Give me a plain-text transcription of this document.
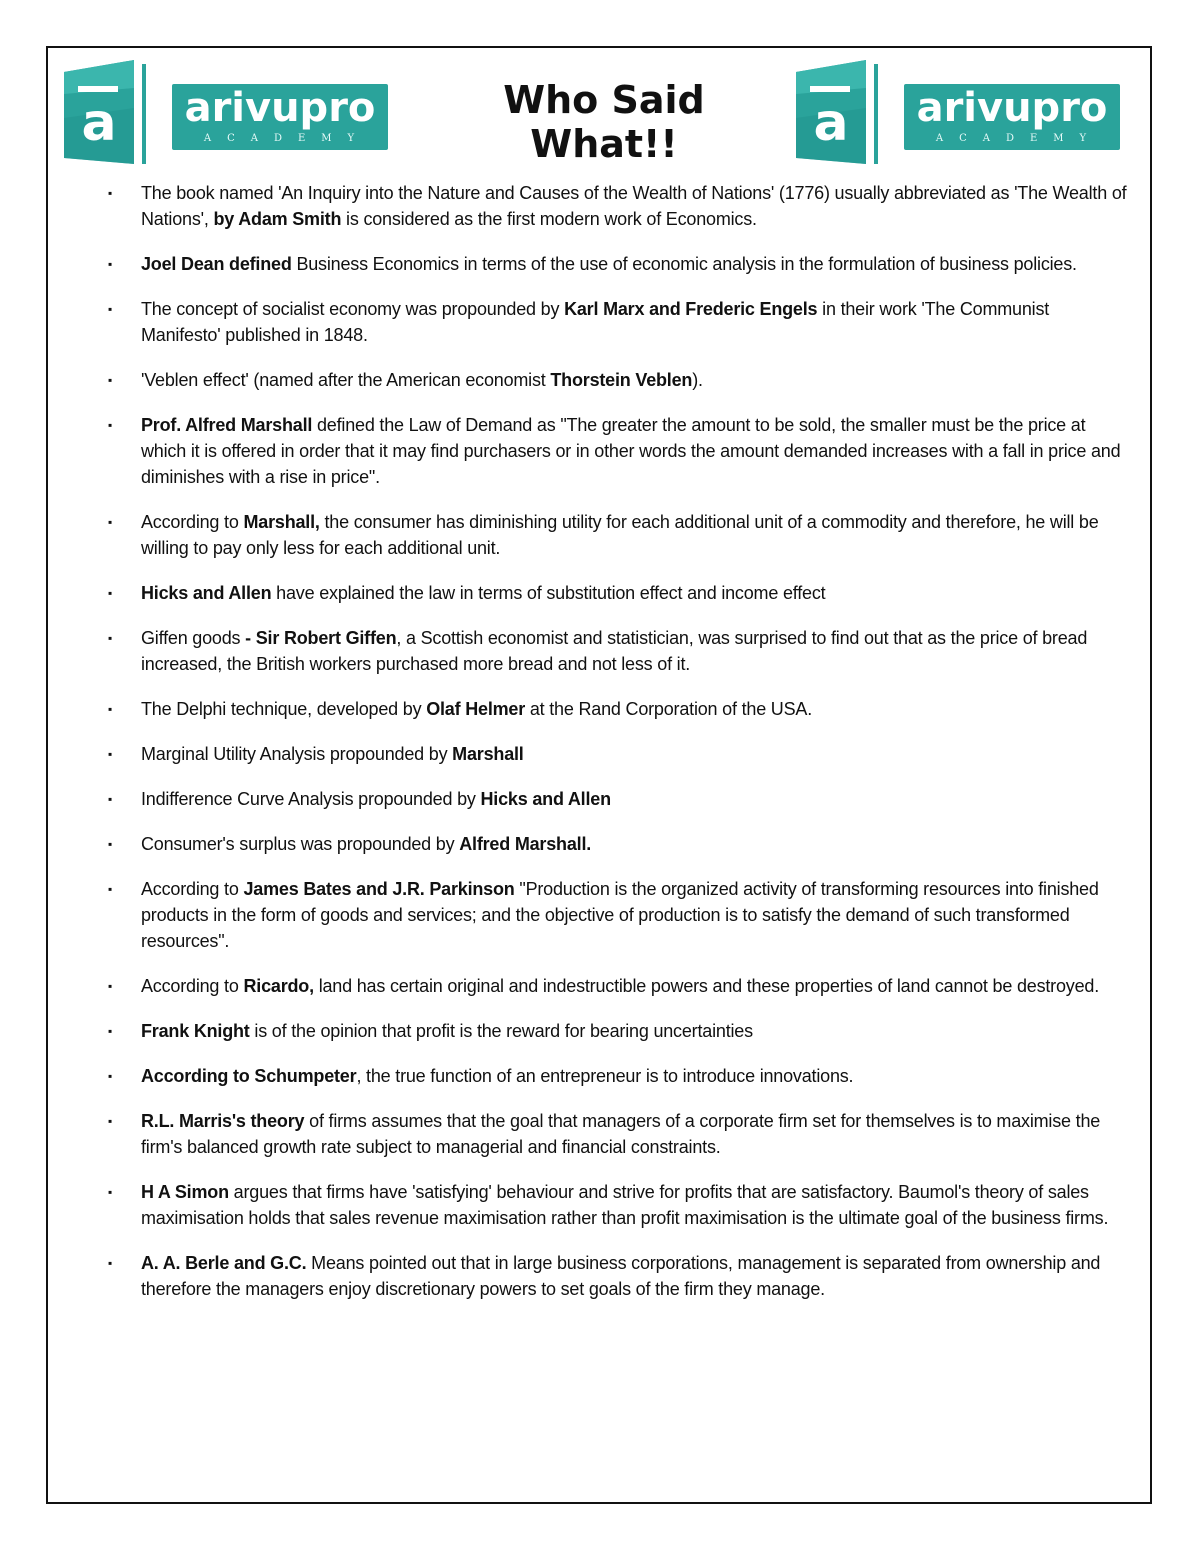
a	arivupro
ACADEMY
Who Said What!!	a	arivupro
ACADEMY
▪ The book named 'An Inquiry into the Nature and Causes of the Wealth of Nations' (1776) usually abbreviated as 'The Wealth of Nations', by Adam Smith is considered as the first modern work of Economics.
▪ Joel Dean defined Business Economics in terms of the use of economic analysis in the formulation of business policies.
▪ The concept of socialist economy was propounded by Karl Marx and Frederic Engels in their work 'The Communist Manifesto' published in 1848.
▪ 'Veblen effect' (named after the American economist Thorstein Veblen).
▪ Prof. Alfred Marshall defined the Law of Demand as "The greater the amount to be sold, the smaller must be the price at which it is offered in order that it may find purchasers or in other words the amount demanded increases with a fall in price and diminishes with a rise in price".
▪ According to Marshall, the consumer has diminishing utility for each additional unit of a commodity and therefore, he will be willing to pay only less for each additional unit.
▪ Hicks and Allen have explained the law in terms of substitution effect and income effect
▪ Giffen goods - Sir Robert Giffen, a Scottish economist and statistician, was surprised to find out that as the price of bread increased, the British workers purchased more bread and not less of it.
▪ The Delphi technique, developed by Olaf Helmer at the Rand Corporation of the USA.
▪ Marginal Utility Analysis propounded by Marshall
▪ Indifference Curve Analysis propounded by Hicks and Allen
▪ Consumer's surplus was propounded by Alfred Marshall.
▪ According to James Bates and J.R. Parkinson "Production is the organized activity of transforming resources into finished products in the form of goods and services; and the objective of production is to satisfy the demand of such transformed resources".
▪ According to Ricardo, land has certain original and indestructible powers and these properties of land cannot be destroyed.
▪ Frank Knight is of the opinion that profit is the reward for bearing uncertainties
▪ According to Schumpeter, the true function of an entrepreneur is to introduce innovations.
▪ R.L. Marris's theory of firms assumes that the goal that managers of a corporate firm set for themselves is to maximise the firm's balanced growth rate subject to managerial and financial constraints.
▪ H A Simon argues that firms have 'satisfying' behaviour and strive for profits that are satisfactory. Baumol's theory of sales maximisation holds that sales revenue maximisation rather than profit maximisation is the ultimate goal of the business firms.
▪ A. A. Berle and G.C. Means pointed out that in large business corporations, management is separated from ownership and therefore the managers enjoy discretionary powers to set goals of the firm they manage.
